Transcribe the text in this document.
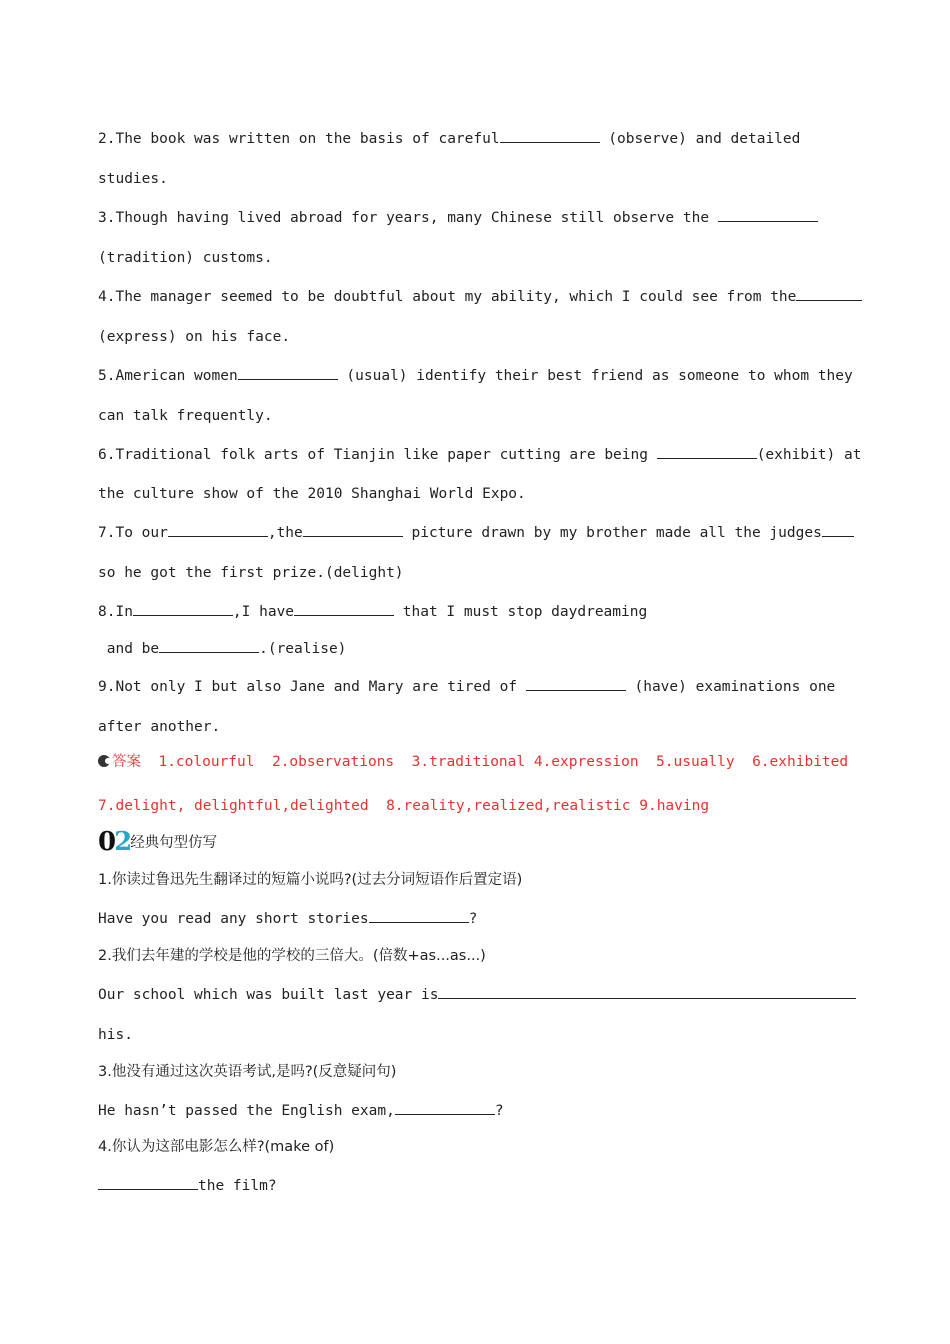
2.The book was written on the basis of careful	(observe) and detailed
studies.
3.Though having lived abroad for years, many Chinese still observe the
(tradition) customs.
4.The manager seemed to be doubtful about my ability, which I could see from the
(express) on his face.
5.American women	(usual) identify their best friend as someone to whom they
can talk frequently.
6.Traditional folk arts of Tianjin like paper cutting are being	(exhibit) at
the culture show of the 2010 Shanghai World Expo.
7.To our	,the	picture drawn by my brother made all the judges
so he got the first prize.(delight)
8.In	,I have	that I must stop daydreaming
and be	.(realise)
9.Not only I but also Jane and Mary are tired of	(have) examinations one
after another.
答案  1.colourful  2.observations  3.traditional 4.expression  5.usually  6.exhibited
7.delight, delightful,delighted  8.reality,realized,realistic 9.having
02经典句型仿写
1.你读过鲁迅先生翻译过的短篇小说吗?(过去分词短语作后置定语)
Have you read any short stories	?
2.我们去年建的学校是他的学校的三倍大。(倍数+as...as...)
Our school which was built last year is
his.
3.他没有通过这次英语考试,是吗?(反意疑问句)
He hasn’t passed the English exam,	?
4.你认为这部电影怎么样?(make of)
the film?
